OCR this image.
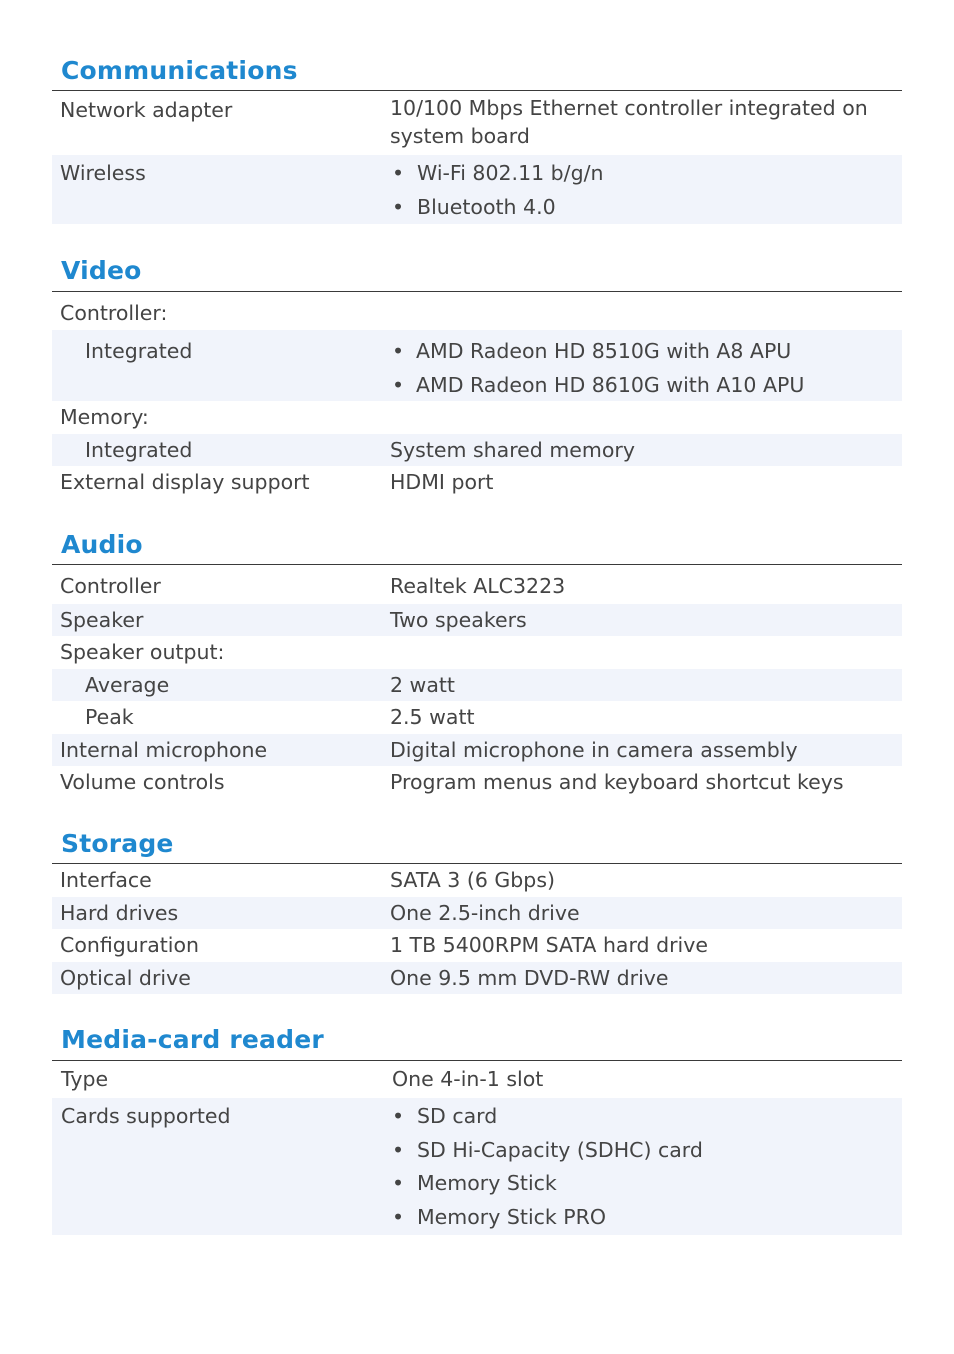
Communications
Network adapter	10/100 Mbps Ethernet controller integrated on system board
Wireless	• Wi-Fi 802.11 b/g/n
• Bluetooth 4.0
Video
Controller:
Integrated	• AMD Radeon HD 8510G with A8 APU
• AMD Radeon HD 8610G with A10 APU
Memory:
Integrated	System shared memory
External display support	HDMI port
Audio
Controller	Realtek ALC3223
Speaker	Two speakers
Speaker output:
Average	2 watt
Peak	2.5 watt
Internal microphone	Digital microphone in camera assembly
Volume controls	Program menus and keyboard shortcut keys
Storage
Interface	SATA 3 (6 Gbps)
Hard drives	One 2.5-inch drive
Configuration	1 TB 5400RPM SATA hard drive
Optical drive	One 9.5 mm DVD-RW drive
Media-card reader
Type	One 4-in-1 slot
Cards supported	• SD card
• SD Hi-Capacity (SDHC) card
• Memory Stick
• Memory Stick PRO
